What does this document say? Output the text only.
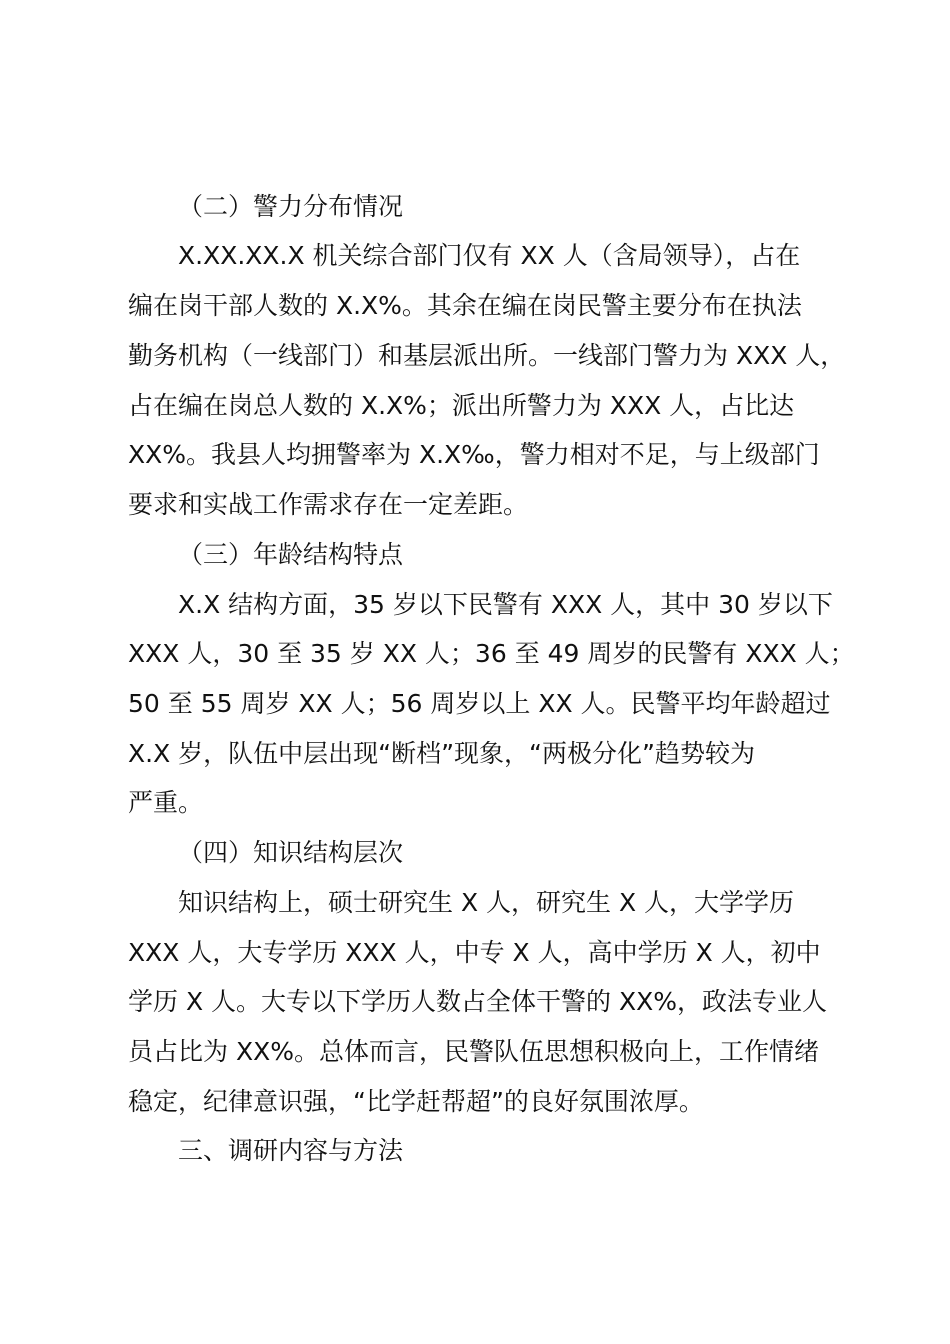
（二）警力分布情况
X.XX.XX.X 机关综合部门仅有 XX 人（含局领导），占在
编在岗干部人数的 X.X%。其余在编在岗民警主要分布在执法
勤务机构（一线部门）和基层派出所。一线部门警力为 XXX 人，
占在编在岗总人数的 X.X%；派出所警力为 XXX 人，占比达
XX%。我县人均拥警率为 X.X‰，警力相对不足，与上级部门
要求和实战工作需求存在一定差距。
（三）年龄结构特点
X.X 结构方面，35 岁以下民警有 XXX 人，其中 30 岁以下
XXX 人，30 至 35 岁 XX 人；36 至 49 周岁的民警有 XXX 人；
50 至 55 周岁 XX 人；56 周岁以上 XX 人。民警平均年龄超过
X.X 岁，队伍中层出现“断档”现象，“两极分化”趋势较为
严重。
（四）知识结构层次
知识结构上，硕士研究生 X 人，研究生 X 人，大学学历
XXX 人，大专学历 XXX 人，中专 X 人，高中学历 X 人，初中
学历 X 人。大专以下学历人数占全体干警的 XX%，政法专业人
员占比为 XX%。总体而言，民警队伍思想积极向上，工作情绪
稳定，纪律意识强，“比学赶帮超”的良好氛围浓厚。
三、调研内容与方法
